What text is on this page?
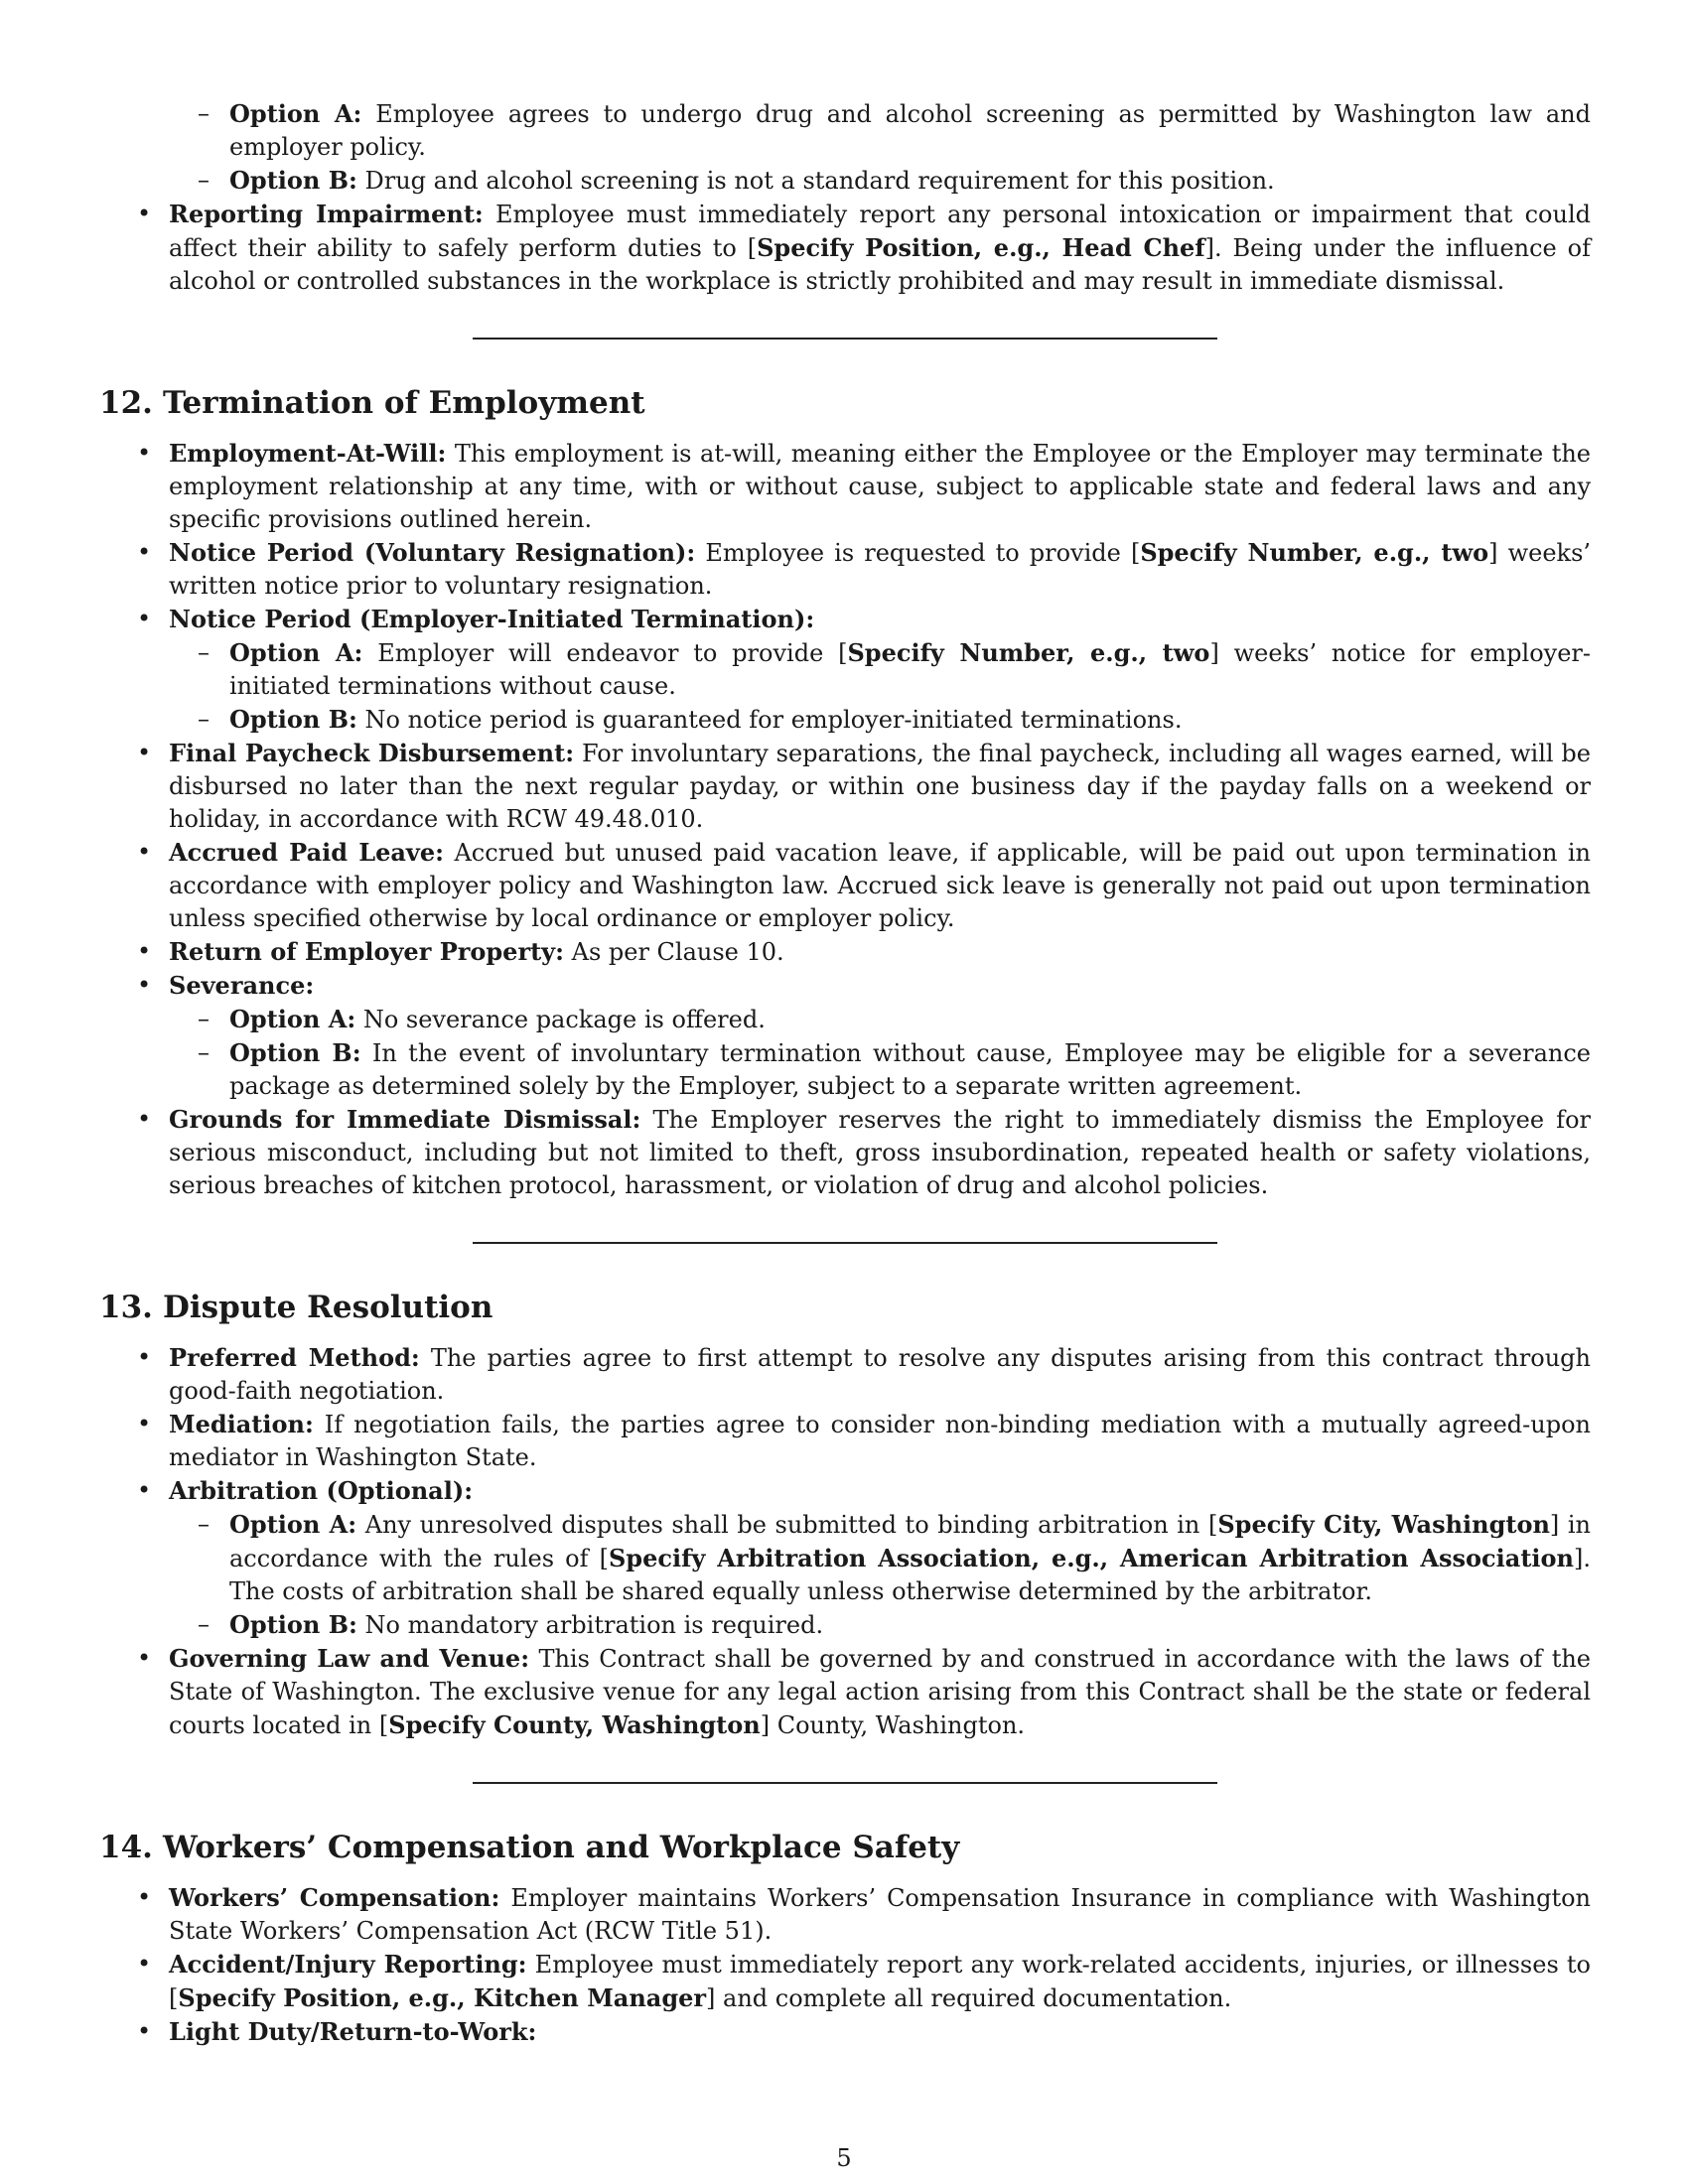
– Option A: Employee agrees to undergo drug and alcohol screening as permitted by Washington law and employer policy.
– Option B: Drug and alcohol screening is not a standard requirement for this position.
• Reporting Impairment: Employee must immediately report any personal intoxication or impairment that could affect their ability to safely perform duties to [Specify Position, e.g., Head Chef]. Being under the influence of alcohol or controlled substances in the workplace is strictly prohibited and may result in immediate dismissal.
12. Termination of Employment
• Employment-At-Will: This employment is at-will, meaning either the Employee or the Employer may terminate the employment relationship at any time, with or without cause, subject to applicable state and federal laws and any specific provisions outlined herein.
• Notice Period (Voluntary Resignation): Employee is requested to provide [Specify Number, e.g., two] weeks’ written notice prior to voluntary resignation.
• Notice Period (Employer-Initiated Termination):
– Option A: Employer will endeavor to provide [Specify Number, e.g., two] weeks’ notice for employer-initiated terminations without cause.
– Option B: No notice period is guaranteed for employer-initiated terminations.
• Final Paycheck Disbursement: For involuntary separations, the final paycheck, including all wages earned, will be disbursed no later than the next regular payday, or within one business day if the payday falls on a weekend or holiday, in accordance with RCW 49.48.010.
• Accrued Paid Leave: Accrued but unused paid vacation leave, if applicable, will be paid out upon termination in accordance with employer policy and Washington law. Accrued sick leave is generally not paid out upon termination unless specified otherwise by local ordinance or employer policy.
• Return of Employer Property: As per Clause 10.
• Severance:
– Option A: No severance package is offered.
– Option B: In the event of involuntary termination without cause, Employee may be eligible for a severance package as determined solely by the Employer, subject to a separate written agreement.
• Grounds for Immediate Dismissal: The Employer reserves the right to immediately dismiss the Employee for serious misconduct, including but not limited to theft, gross insubordination, repeated health or safety violations, serious breaches of kitchen protocol, harassment, or violation of drug and alcohol policies.
13. Dispute Resolution
• Preferred Method: The parties agree to first attempt to resolve any disputes arising from this contract through good-faith negotiation.
• Mediation: If negotiation fails, the parties agree to consider non-binding mediation with a mutually agreed-upon mediator in Washington State.
• Arbitration (Optional):
– Option A: Any unresolved disputes shall be submitted to binding arbitration in [Specify City, Washington] in accordance with the rules of [Specify Arbitration Association, e.g., American Arbitration Association]. The costs of arbitration shall be shared equally unless otherwise determined by the arbitrator.
– Option B: No mandatory arbitration is required.
• Governing Law and Venue: This Contract shall be governed by and construed in accordance with the laws of the State of Washington. The exclusive venue for any legal action arising from this Contract shall be the state or federal courts located in [Specify County, Washington] County, Washington.
14. Workers’ Compensation and Workplace Safety
• Workers’ Compensation: Employer maintains Workers’ Compensation Insurance in compliance with Washington State Workers’ Compensation Act (RCW Title 51).
• Accident/Injury Reporting: Employee must immediately report any work-related accidents, injuries, or illnesses to [Specify Position, e.g., Kitchen Manager] and complete all required documentation.
• Light Duty/Return-to-Work:
5
